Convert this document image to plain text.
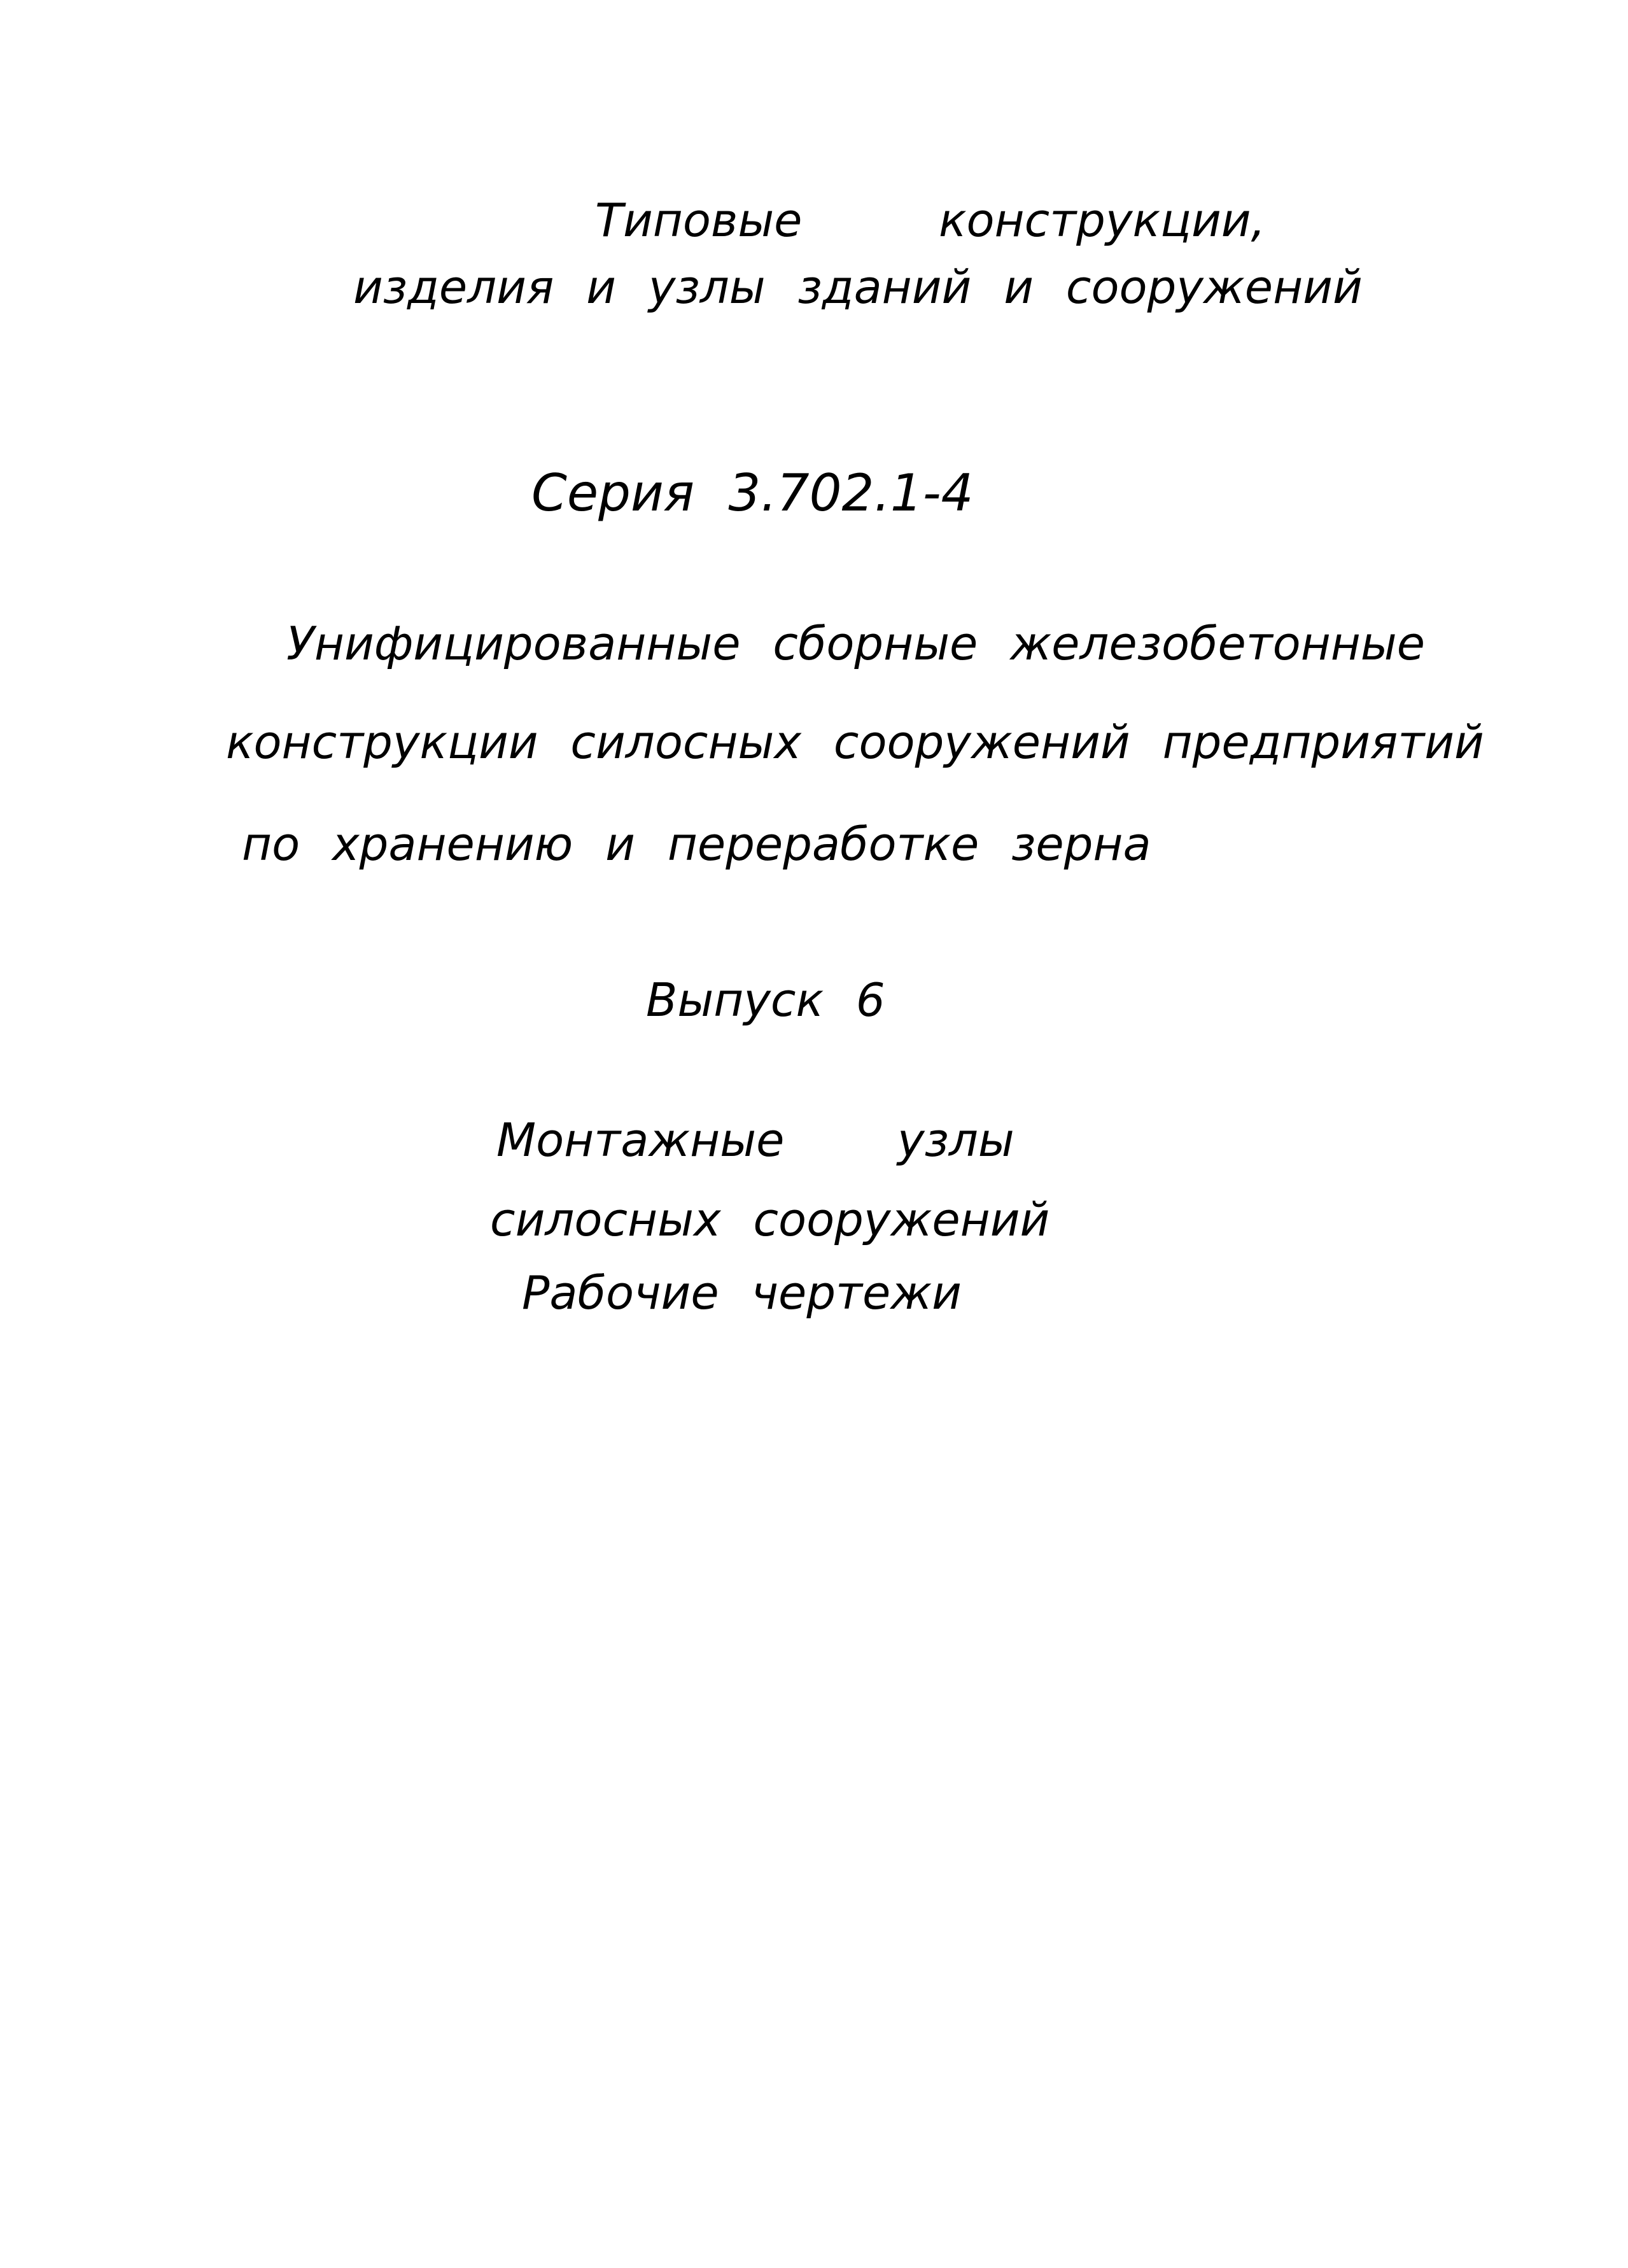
Типовые	конструкции,
изделия и узлы зданий и сооружений
Серия 3.702.1-4
Унифицированные сборные железобетонные
конструкции силосных сооружений предприятий
по хранению и переработке зерна
Выпуск 6
Монтажные узлы
силосных сооружений
Рабочие чертежи
